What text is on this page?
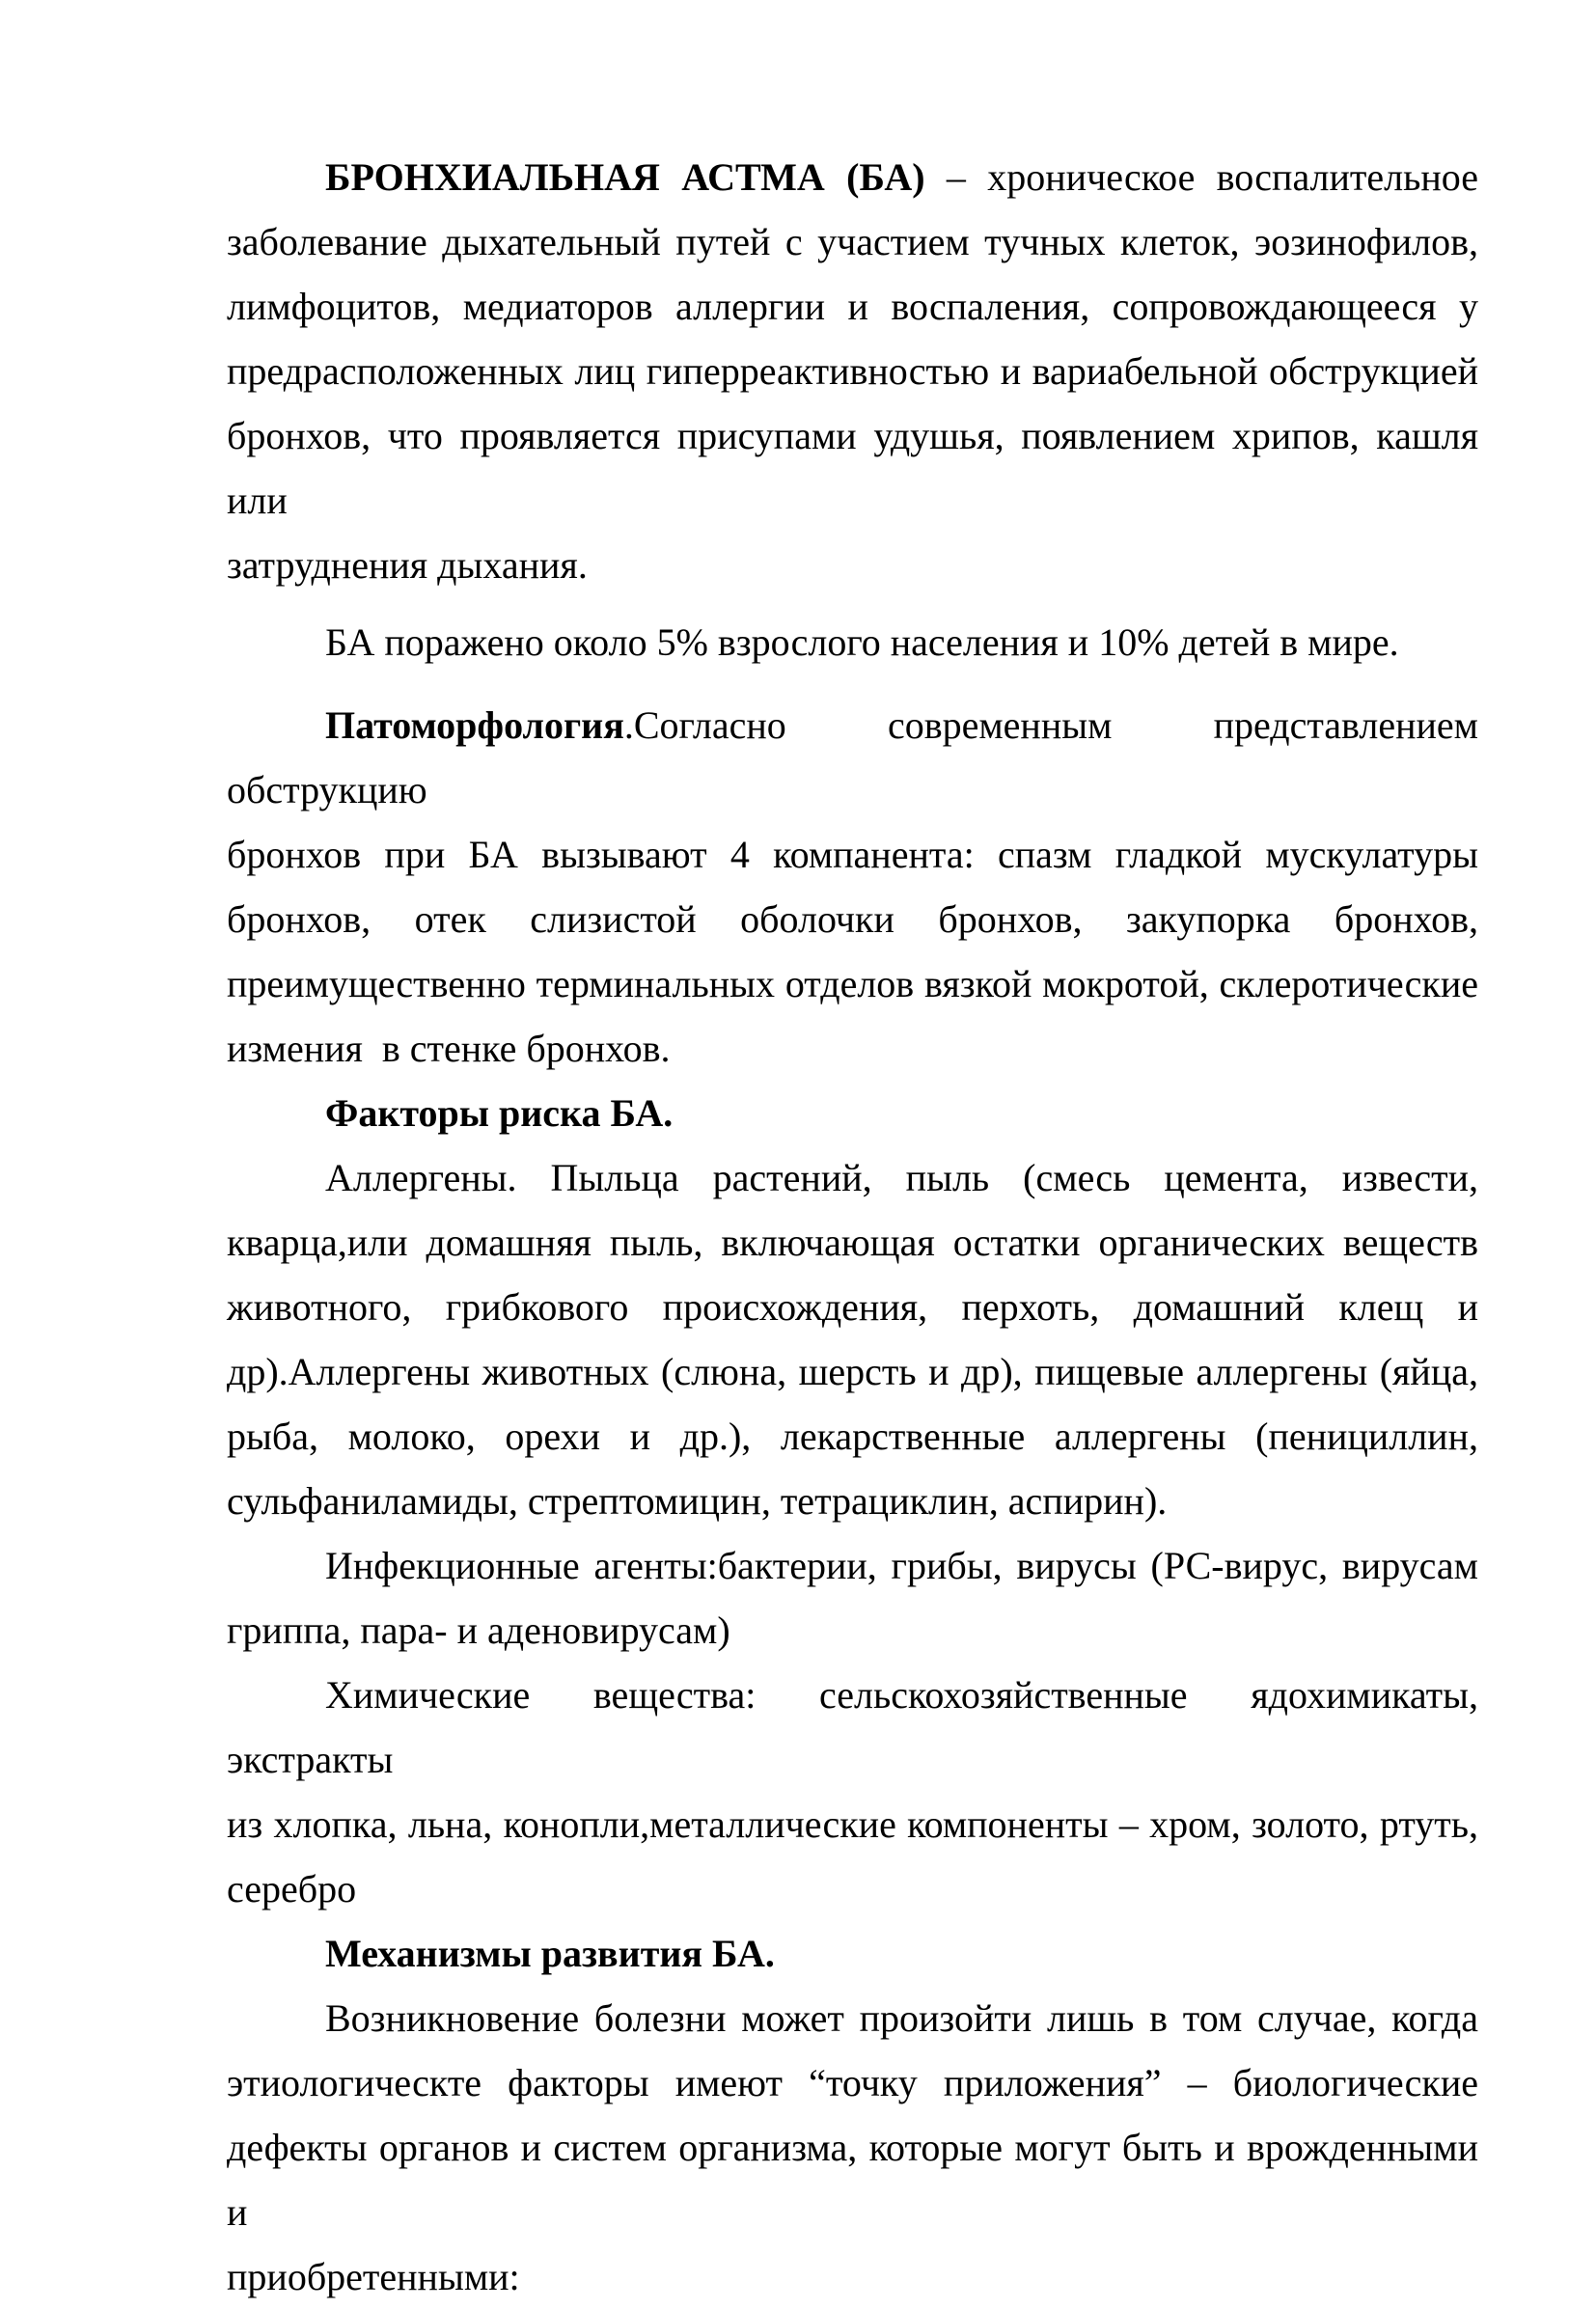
БРОНХИАЛЬНАЯ АСТМА (БА) – хроническое воспалительное
заболевание дыхательный путей с участием тучных клеток, эозинофилов,
лимфоцитов, медиаторов аллергии и воспаления, сопровождающееся у
предрасположенных лиц гиперреактивностью и вариабельной обструкцией
бронхов, что проявляется присупами удушья, появлением хрипов, кашля или
затруднения дыхания.
БА поражено около 5% взрослого населения и 10% детей в мире.
Патоморфология.Согласно современным представлением обструкцию
бронхов при БА вызывают 4 компанента: спазм гладкой мускулатуры
бронхов, отек слизистой оболочки бронхов, закупорка бронхов,
преимущественно терминальных отделов вязкой мокротой, склеротические
измения  в стенке бронхов.
Факторы риска БА.
Аллергены. Пыльца растений, пыль (смесь цемента, извести,
кварца,или домашняя пыль, включающая остатки органических веществ
животного, грибкового происхождения, перхоть, домашний клещ и
др).Аллергены животных (слюна, шерсть и др), пищевые аллергены (яйца,
рыба, молоко, орехи и др.), лекарственные аллергены (пенициллин,
сульфаниламиды, стрептомицин, тетрациклин, аспирин).
Инфекционные агенты:бактерии, грибы, вирусы (РС-вирус, вирусам
гриппа, пара- и аденовирусам)
Химические вещества: сельскохозяйственные ядохимикаты, экстракты
из хлопка, льна, конопли,металлические компоненты – хром, золото, ртуть,
серебро
Механизмы развития БА.
Возникновение болезни может произойти лишь в том случае, когда
этиологическте факторы имеют “точку приложения” – биологические
дефекты органов и систем организма, которые могут быть и врожденными и
приобретенными:
